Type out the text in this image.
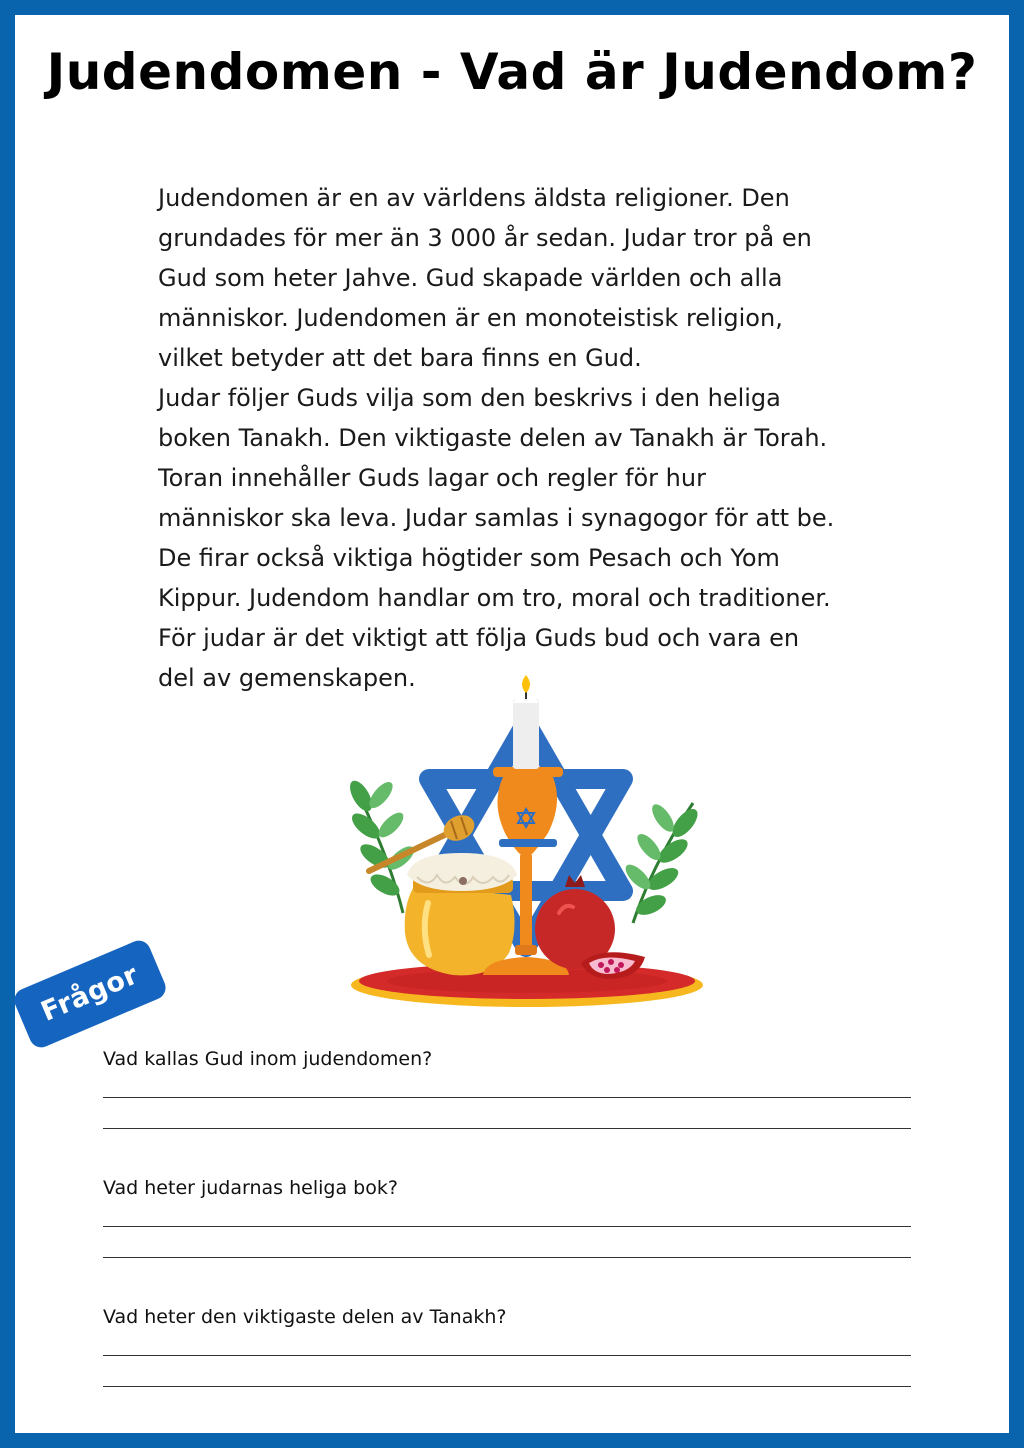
Judendomen - Vad är Judendom?

Judendomen är en av världens äldsta religioner. Den

grundades för mer än 3 000 år sedan. Judar tror på en

Gud som heter Jahve. Gud skapade världen och alla

människor. Judendomen är en monoteistisk religion,

vilket betyder att det bara finns en Gud.

Judar följer Guds vilja som den beskrivs i den heliga

boken Tanakh. Den viktigaste delen av Tanakh är Torah.

Toran innehåller Guds lagar och regler för hur

människor ska leva. Judar samlas i synagogor för att be.

De firar också viktiga högtider som Pesach och Yom

Kippur. Judendom handlar om tro, moral och traditioner.

För judar är det viktigt att följa Guds bud och vara en

del av gemenskapen.

Frågor
Vad kallas Gud inom judendomen?
Vad heter judarnas heliga bok?
Vad heter den viktigaste delen av Tanakh?
